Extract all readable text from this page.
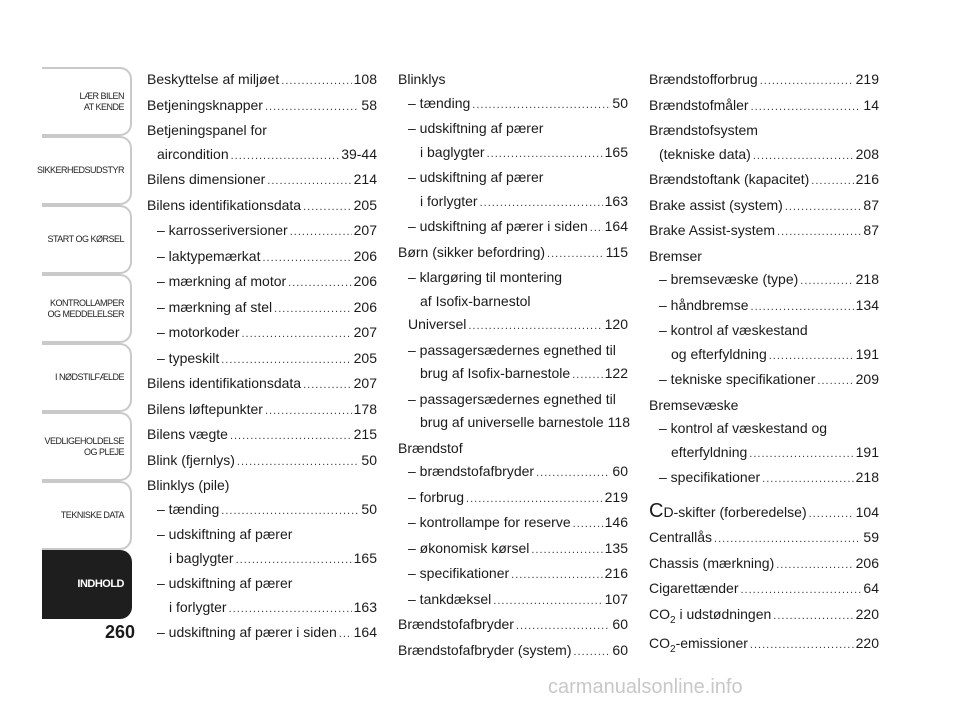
LÆR BILEN
AT KENDE
SIKKERHEDSUDSTYR
START OG KØRSEL
KONTROLLAMPER
OG MEDDELELSER
I NØDSTILFÆLDE
VEDLIGEHOLDELSE
OG PLEJE
TEKNISKE DATA
INDHOLD
260
Beskyttelse af miljøet .....	108
Betjeningsknapper .....	58
Betjeningspanel for
aircondition .....	39-44
Bilens dimensioner .....	214
Bilens identifikationsdata .....	205
– karrosseriversioner .....	207
– laktypemærkat .....	206
– mærkning af motor .....	206
– mærkning af stel .....	206
– motorkoder .....	207
– typeskilt .....	205
Bilens identifikationsdata .....	207
Bilens løftepunkter .....	178
Bilens vægte .....	215
Blink (fjernlys) .....	50
Blinklys (pile)
– tænding .....	50
– udskiftning af pærer
i baglygter .....	165
– udskiftning af pærer
i forlygter .....	163
– udskiftning af pærer i siden ..... 164
Blinklys
– tænding .....	50
– udskiftning af pærer
i baglygter .....	165
– udskiftning af pærer
i forlygter .....	163
– udskiftning af pærer i siden ..... 164
Børn (sikker befordring) .....	115
– klargøring til montering
af Isofix-barnestol
Universel .....	120
– passagersædernes egnethed til
brug af Isofix-barnestole ..... 122
– passagersædernes egnethed til
brug af universelle barnestole 118
Brændstof
– brændstofafbryder .....	60
– forbrug .....	219
– kontrollampe for reserve ..... 146
– økonomisk kørsel .....	135
– specifikationer .....	216
– tankdæksel .....	107
Brændstofafbryder .....	60
Brændstofafbryder (system) .....	60
Brændstofforbrug .....	219
Brændstofmåler .....	14
Brændstofsystem
(tekniske data) .....	208
Brændstoftank (kapacitet) .....	216
Brake assist (system) .....	87
Brake Assist-system .....	87
Bremser
– bremsevæske (type) .....	218
– håndbremse .....	134
– kontrol af væskestand
og efterfyldning .....	191
– tekniske specifikationer .....	209
Bremsevæske
– kontrol af væskestand og
efterfyldning .....	191
– specifikationer .....	218
CD-skifter (forberedelse) .....	104
Centrallås .....	59
Chassis (mærkning) .....	206
Cigarettænder .....	64
$CO_2$ i udstødningen .....	220
$CO_2$-emissioner .....	220
carmanualsonline.info
